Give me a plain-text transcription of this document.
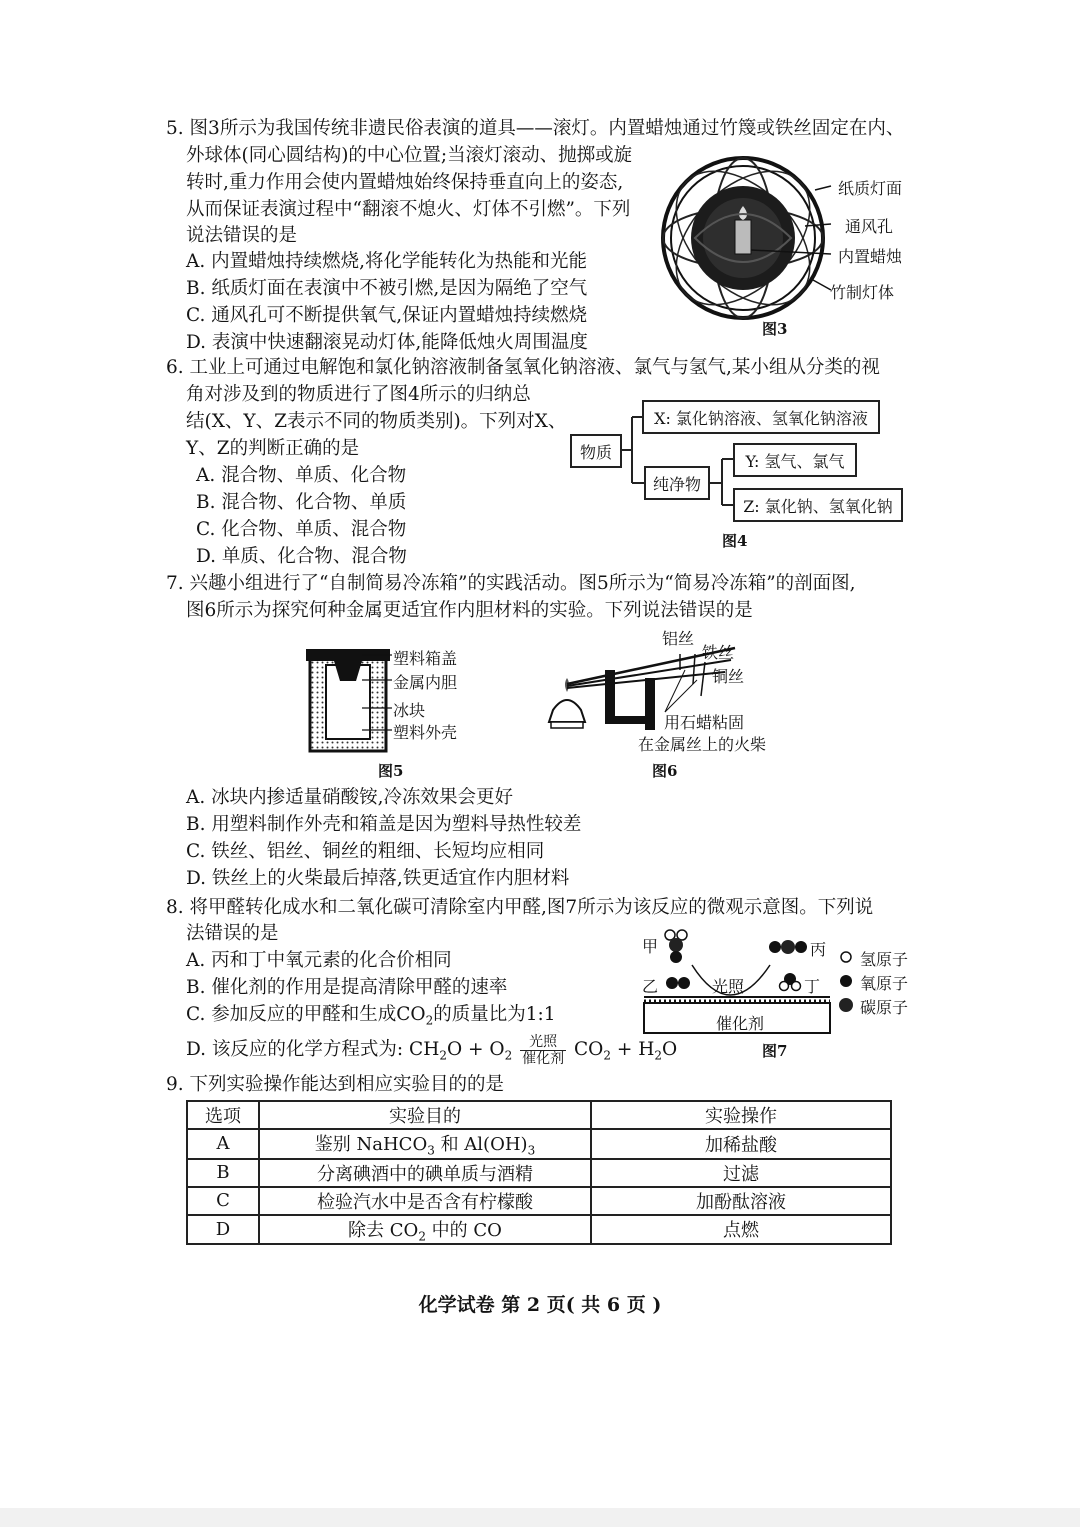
5. 图3所示为我国传统非遗民俗表演的道具——滚灯。内置蜡烛通过竹篾或铁丝固定在内、
外球体(同心圆结构)的中心位置;当滚灯滚动、抛掷或旋
转时,重力作用会使内置蜡烛始终保持垂直向上的姿态,
从而保证表演过程中“翻滚不熄火、灯体不引燃”。下列
说法错误的是
A. 内置蜡烛持续燃烧,将化学能转化为热能和光能
B. 纸质灯面在表演中不被引燃,是因为隔绝了空气
C. 通风孔可不断提供氧气,保证内置蜡烛持续燃烧
D. 表演中快速翻滚晃动灯体,能降低烛火周围温度
纸质灯面
通风孔
内置蜡烛
竹制灯体
图3
6. 工业上可通过电解饱和氯化钠溶液制备氢氧化钠溶液、氯气与氢气,某小组从分类的视
角对涉及到的物质进行了图4所示的归纳总
结(X、Y、Z表示不同的物质类别)。下列对X、
Y、Z的判断正确的是
A. 混合物、单质、化合物
B. 混合物、化合物、单质
C. 化合物、单质、混合物
D. 单质、化合物、混合物
物质
X: 氯化钠溶液、氢氧化钠溶液
纯净物
Y: 氢气、氯气
Z: 氯化钠、氢氧化钠
图4
7. 兴趣小组进行了“自制简易冷冻箱”的实践活动。图5所示为“简易冷冻箱”的剖面图,
图6所示为探究何种金属更适宜作内胆材料的实验。下列说法错误的是
塑料箱盖
金属内胆
冰块
塑料外壳
图5
铝丝
铁丝
铜丝
用石蜡粘固
在金属丝上的火柴
图6
A. 冰块内掺适量硝酸铵,冷冻效果会更好
B. 用塑料制作外壳和箱盖是因为塑料导热性较差
C. 铁丝、铝丝、铜丝的粗细、长短均应相同
D. 铁丝上的火柴最后掉落,铁更适宜作内胆材料
8. 将甲醛转化成水和二氧化碳可清除室内甲醛,图7所示为该反应的微观示意图。下列说
法错误的是
A. 丙和丁中氧元素的化合价相同
B. 催化剂的作用是提高清除甲醛的速率
C. 参加反应的甲醛和生成$CO_2$的质量比为1:1
D. 该反应的化学方程式为: $CH_2O + O_2 \frac{\text{光照}}{\text{催化剂}} CO_2 + H_2O$
甲
乙
丙
丁
光照
催化剂
图7
氢原子
氧原子
碳原子
9. 下列实验操作能达到相应实验目的的是
选项	实验目的	实验操作
A	鉴别 NaHCO$_3$ 和 $Al(OH)_3$	加稀盐酸
B	分离碘酒中的碘单质与酒精	过滤
C	检验汽水中是否含有柠檬酸	加酚酞溶液
D	除去 $CO_2$ 中的 CO	点燃
化学试卷 第 2 页( 共 6 页 )
